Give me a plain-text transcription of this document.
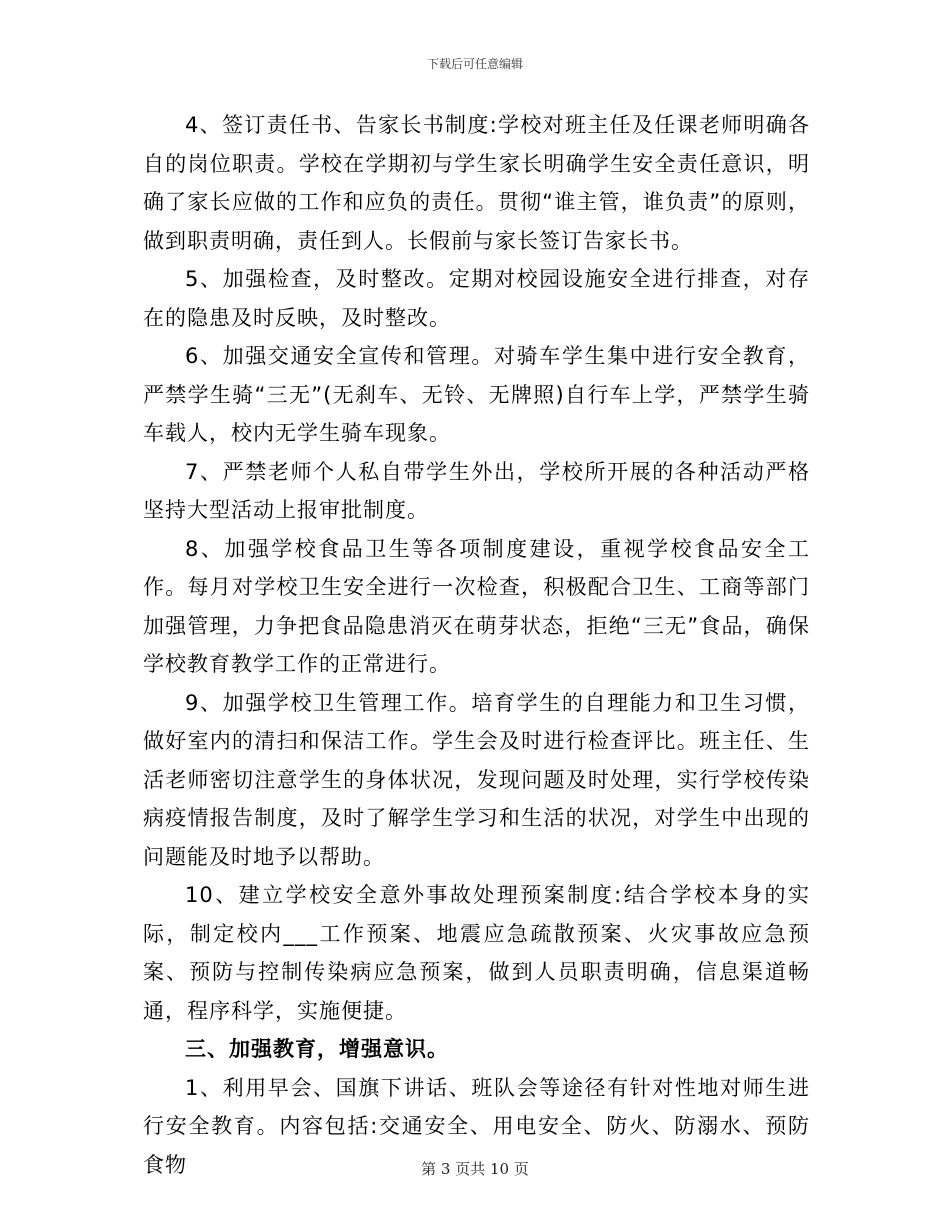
下载后可任意编辑

4、签订责任书、告家长书制度:学校对班主任及任课老师明确各自的岗位职责。学校在学期初与学生家长明确学生安全责任意识，明确了家长应做的工作和应负的责任。贯彻“谁主管，谁负责”的原则，做到职责明确，责任到人。长假前与家长签订告家长书。

5、加强检查，及时整改。定期对校园设施安全进行排查，对存在的隐患及时反映，及时整改。

6、加强交通安全宣传和管理。对骑车学生集中进行安全教育，严禁学生骑“三无”(无刹车、无铃、无牌照)自行车上学，严禁学生骑车载人，校内无学生骑车现象。

7、严禁老师个人私自带学生外出，学校所开展的各种活动严格坚持大型活动上报审批制度。

8、加强学校食品卫生等各项制度建设，重视学校食品安全工作。每月对学校卫生安全进行一次检查，积极配合卫生、工商等部门加强管理，力争把食品隐患消灭在萌芽状态，拒绝“三无”食品，确保学校教育教学工作的正常进行。

9、加强学校卫生管理工作。培育学生的自理能力和卫生习惯，做好室内的清扫和保洁工作。学生会及时进行检查评比。班主任、生活老师密切注意学生的身体状况，发现问题及时处理，实行学校传染病疫情报告制度，及时了解学生学习和生活的状况，对学生中出现的问题能及时地予以帮助。

10、建立学校安全意外事故处理预案制度:结合学校本身的实际，制定校内___工作预案、地震应急疏散预案、火灾事故应急预案、预防与控制传染病应急预案，做到人员职责明确，信息渠道畅通，程序科学，实施便捷。

三、加强教育，增强意识。

1、利用早会、国旗下讲话、班队会等途径有针对性地对师生进行安全教育。内容包括:交通安全、用电安全、防火、防溺水、预防食物	第 3 页共 10 页
